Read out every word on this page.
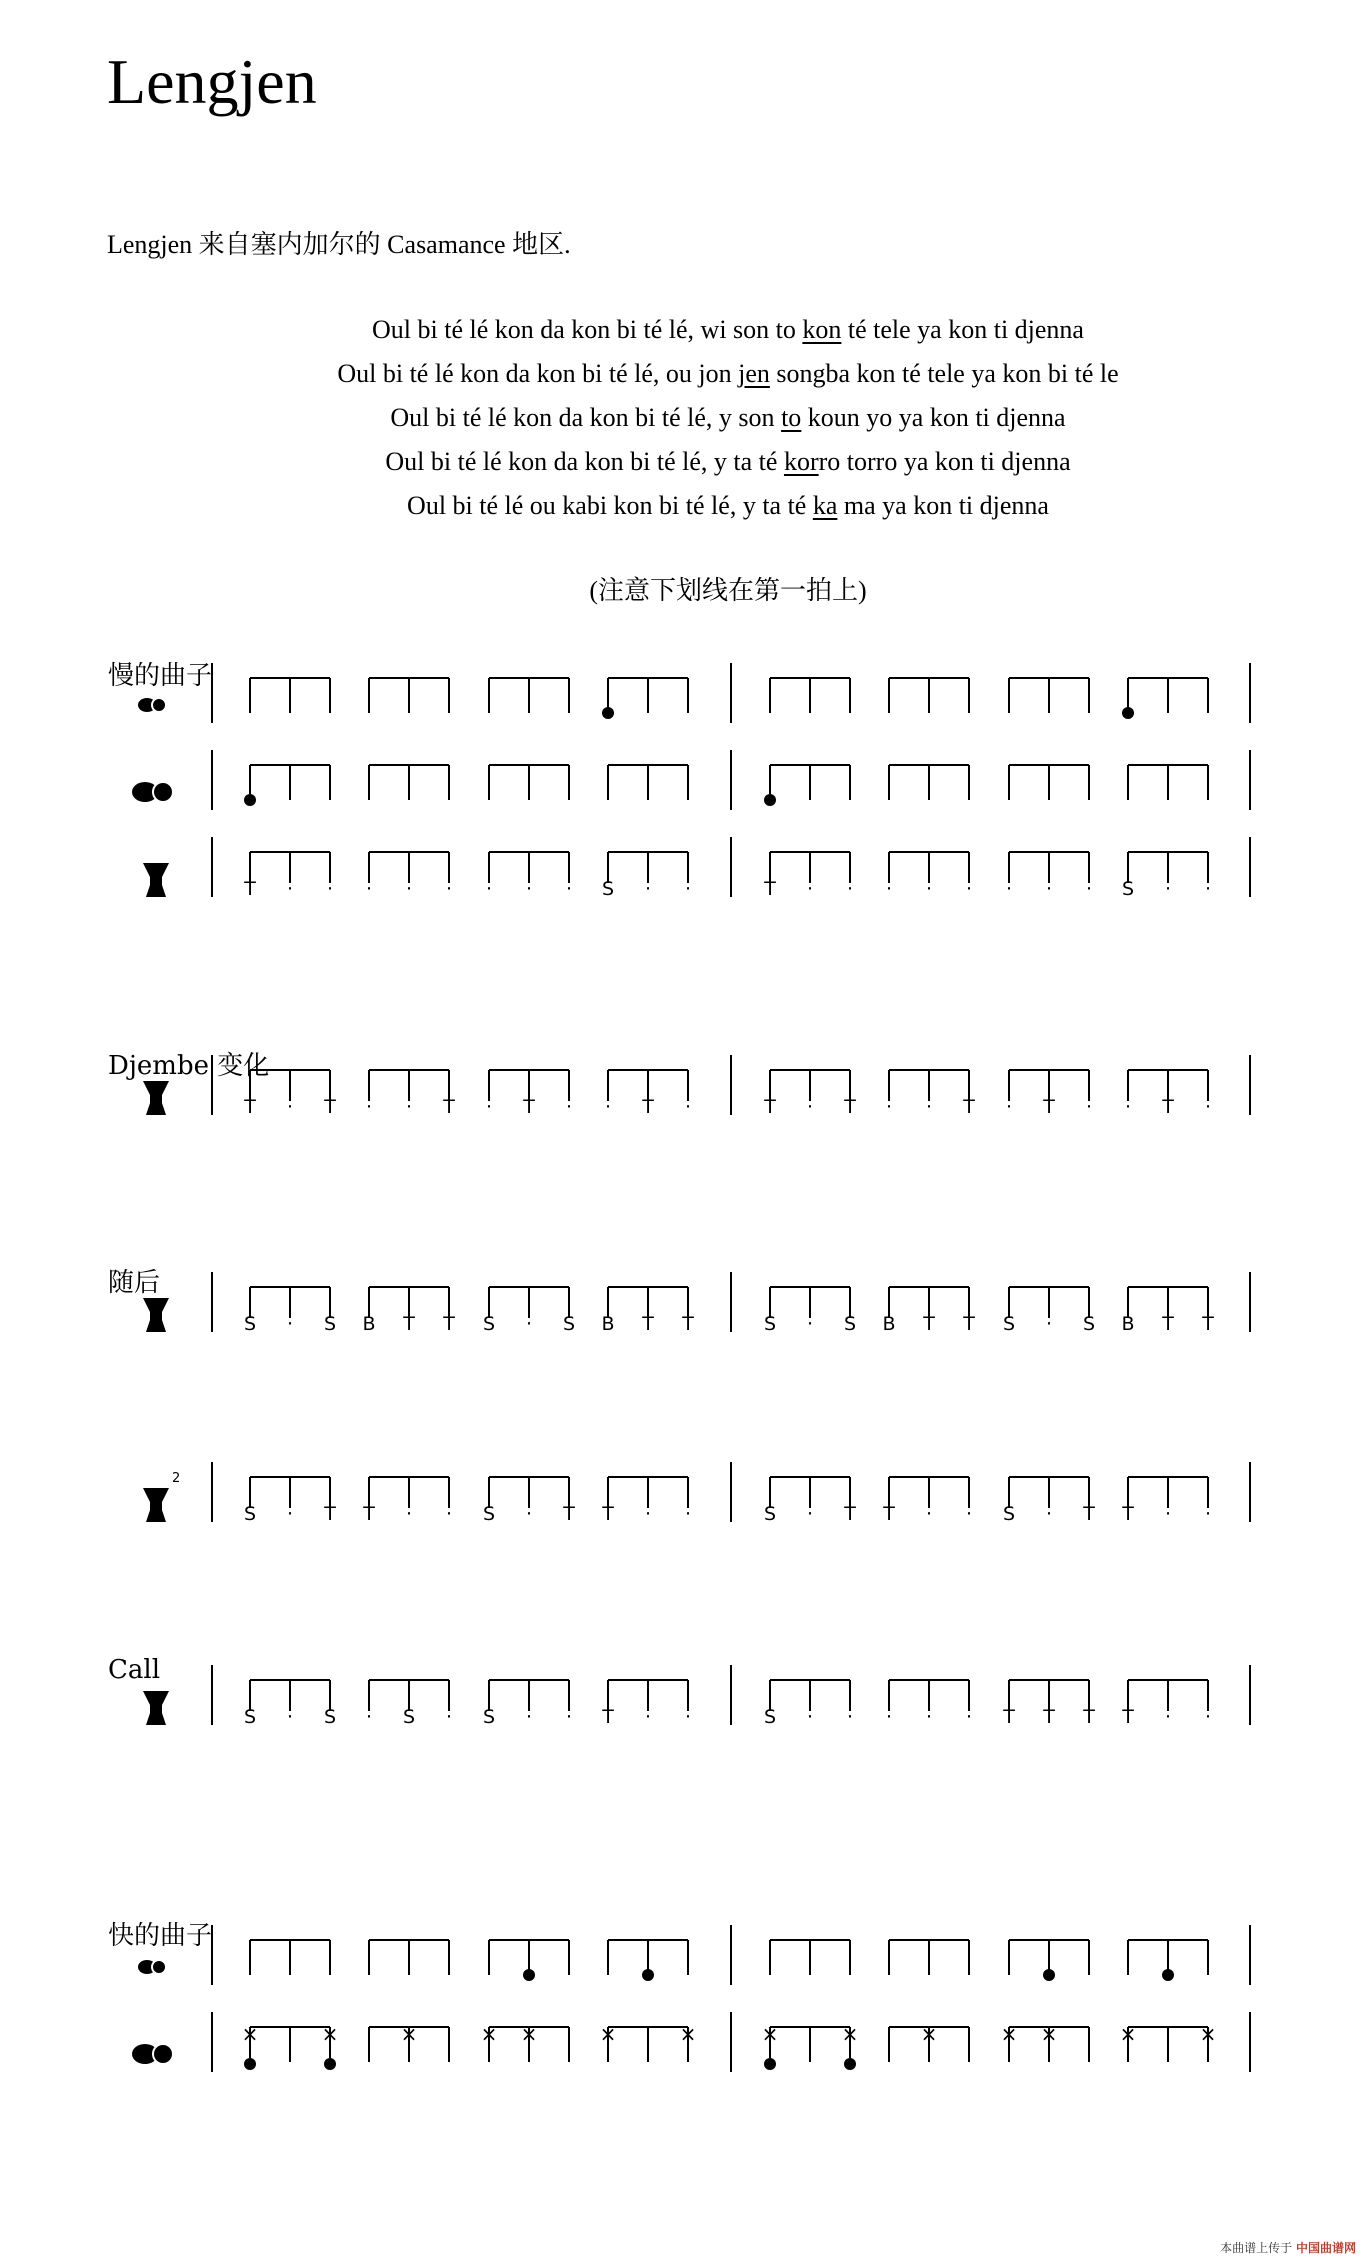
Lengjen
Lengjen 来自塞内加尔的 Casamance 地区.
Oul bi té lé kon da kon bi té lé, wi son to kon té tele ya kon ti djenna
Oul bi té lé kon da kon bi té lé, ou jon jen songba kon té tele ya kon bi té le
Oul bi té lé kon da kon bi té lé, y son to koun yo ya kon ti djenna
Oul bi té lé kon da kon bi té lé, y ta té korro torro ya kon ti djenna
Oul bi té lé ou kabi kon bi té lé, y ta té ka ma ya kon ti djenna
(注意下划线在第一拍上)
慢的曲子
Djembe 变化
随后
Call
快的曲子
T · · · · · · · · S · ·	T · · · · · · · · S · ·
T · T · · T · T · · T ·	T · T · · T · T · · T ·
S · S B T T S · S B T T	S · S B T T S · S B T T
2
S · T T · · S · T T · ·	S · T T · · S · T T · ·
S · S · S · S · · T · ·	S · · · · · T T T T · ·
×	×	×	× ×	×	×	×	×	×	× ×	×	×
本曲谱上传于 中国曲谱网
